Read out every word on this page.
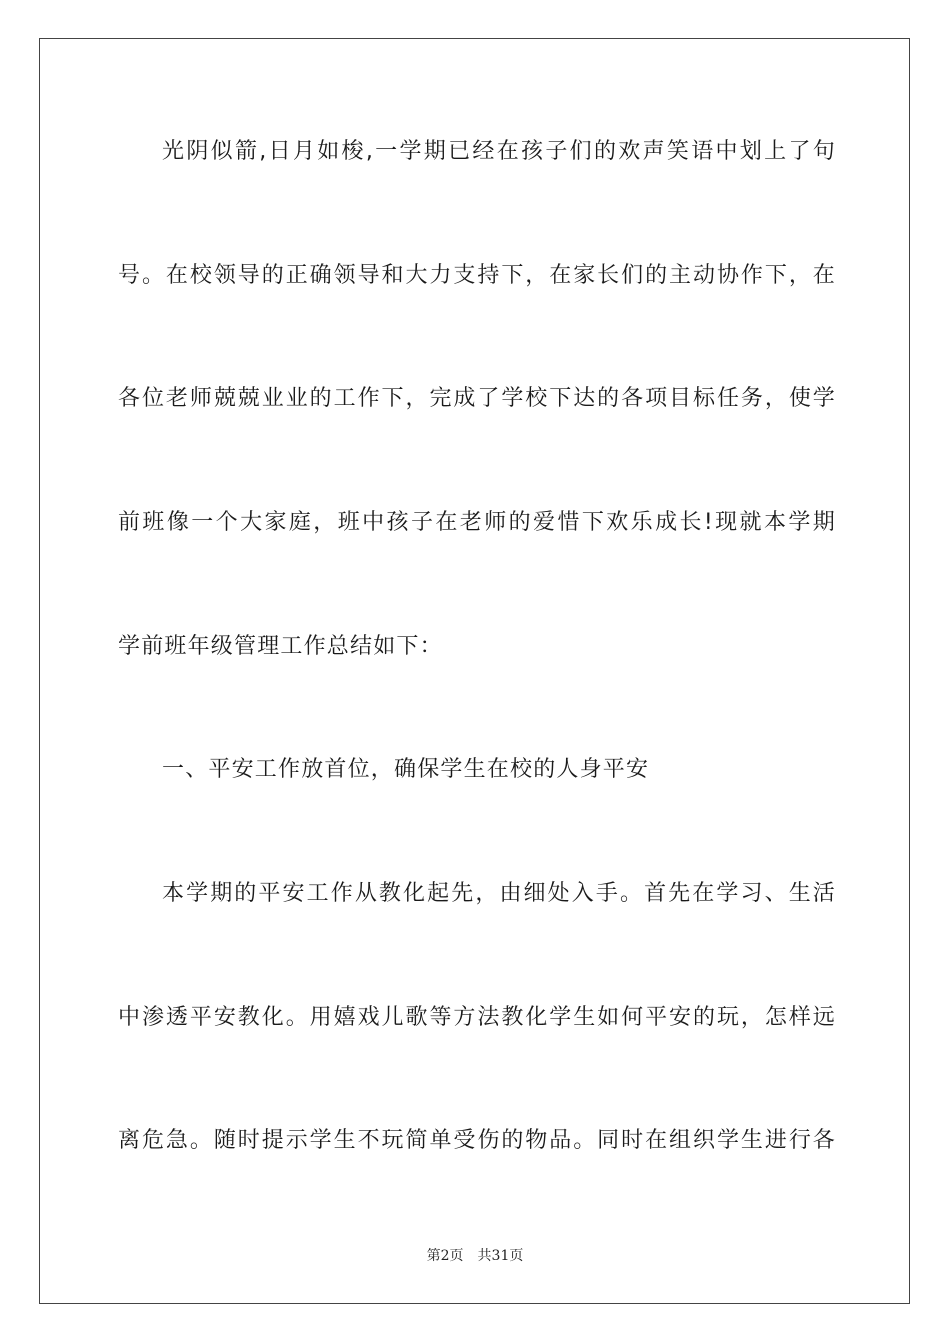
光阴似箭,日月如梭,一学期已经在孩子们的欢声笑语中划上了句
号。在校领导的正确领导和大力支持下，在家长们的主动协作下，在
各位老师兢兢业业的工作下，完成了学校下达的各项目标任务，使学
前班像一个大家庭，班中孩子在老师的爱惜下欢乐成长!现就本学期
学前班年级管理工作总结如下：
一、平安工作放首位，确保学生在校的人身平安
本学期的平安工作从教化起先，由细处入手。首先在学习、生活
中渗透平安教化。用嬉戏儿歌等方法教化学生如何平安的玩，怎样远
离危急。随时提示学生不玩简单受伤的物品。同时在组织学生进行各
第2页 共31页
